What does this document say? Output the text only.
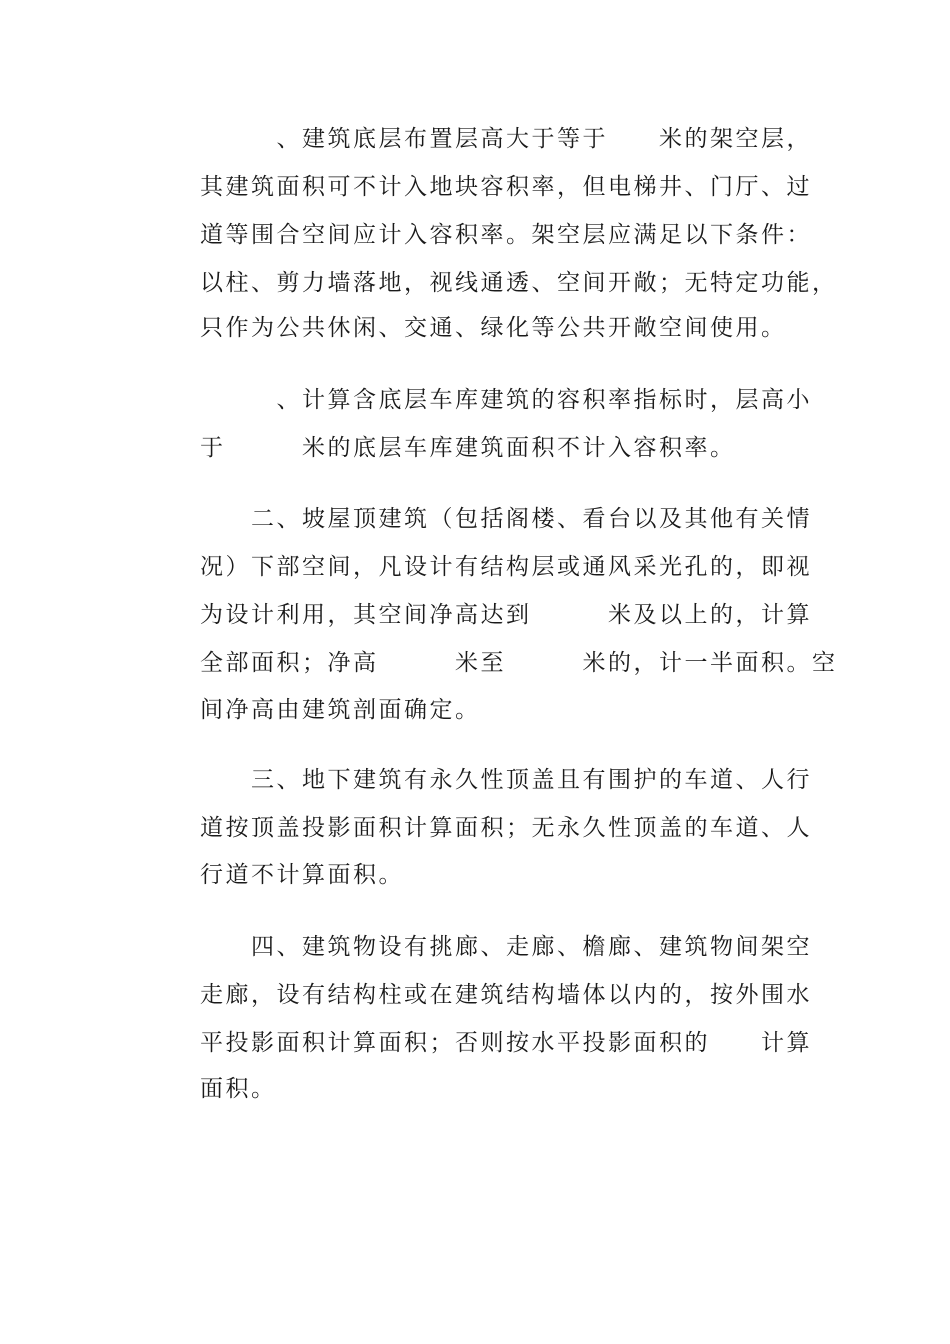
　　　、建筑底层布置层高大于等于　　米的架空层，
其建筑面积可不计入地块容积率，但电梯井、门厅、过
道等围合空间应计入容积率。架空层应满足以下条件：
以柱、剪力墙落地，视线通透、空间开敞；无特定功能，
只作为公共休闲、交通、绿化等公共开敞空间使用。
　　　、计算含底层车库建筑的容积率指标时，层高小
于　　　米的底层车库建筑面积不计入容积率。
　　二、坡屋顶建筑（包括阁楼、看台以及其他有关情
况）下部空间，凡设计有结构层或通风采光孔的，即视
为设计利用，其空间净高达到　　　米及以上的，计算
全部面积；净高　　　米至　　　米的，计一半面积。空
间净高由建筑剖面确定。
　　三、地下建筑有永久性顶盖且有围护的车道、人行
道按顶盖投影面积计算面积；无永久性顶盖的车道、人
行道不计算面积。
　　四、建筑物设有挑廊、走廊、檐廊、建筑物间架空
走廊，设有结构柱或在建筑结构墙体以内的，按外围水
平投影面积计算面积；否则按水平投影面积的　　计算
面积。
